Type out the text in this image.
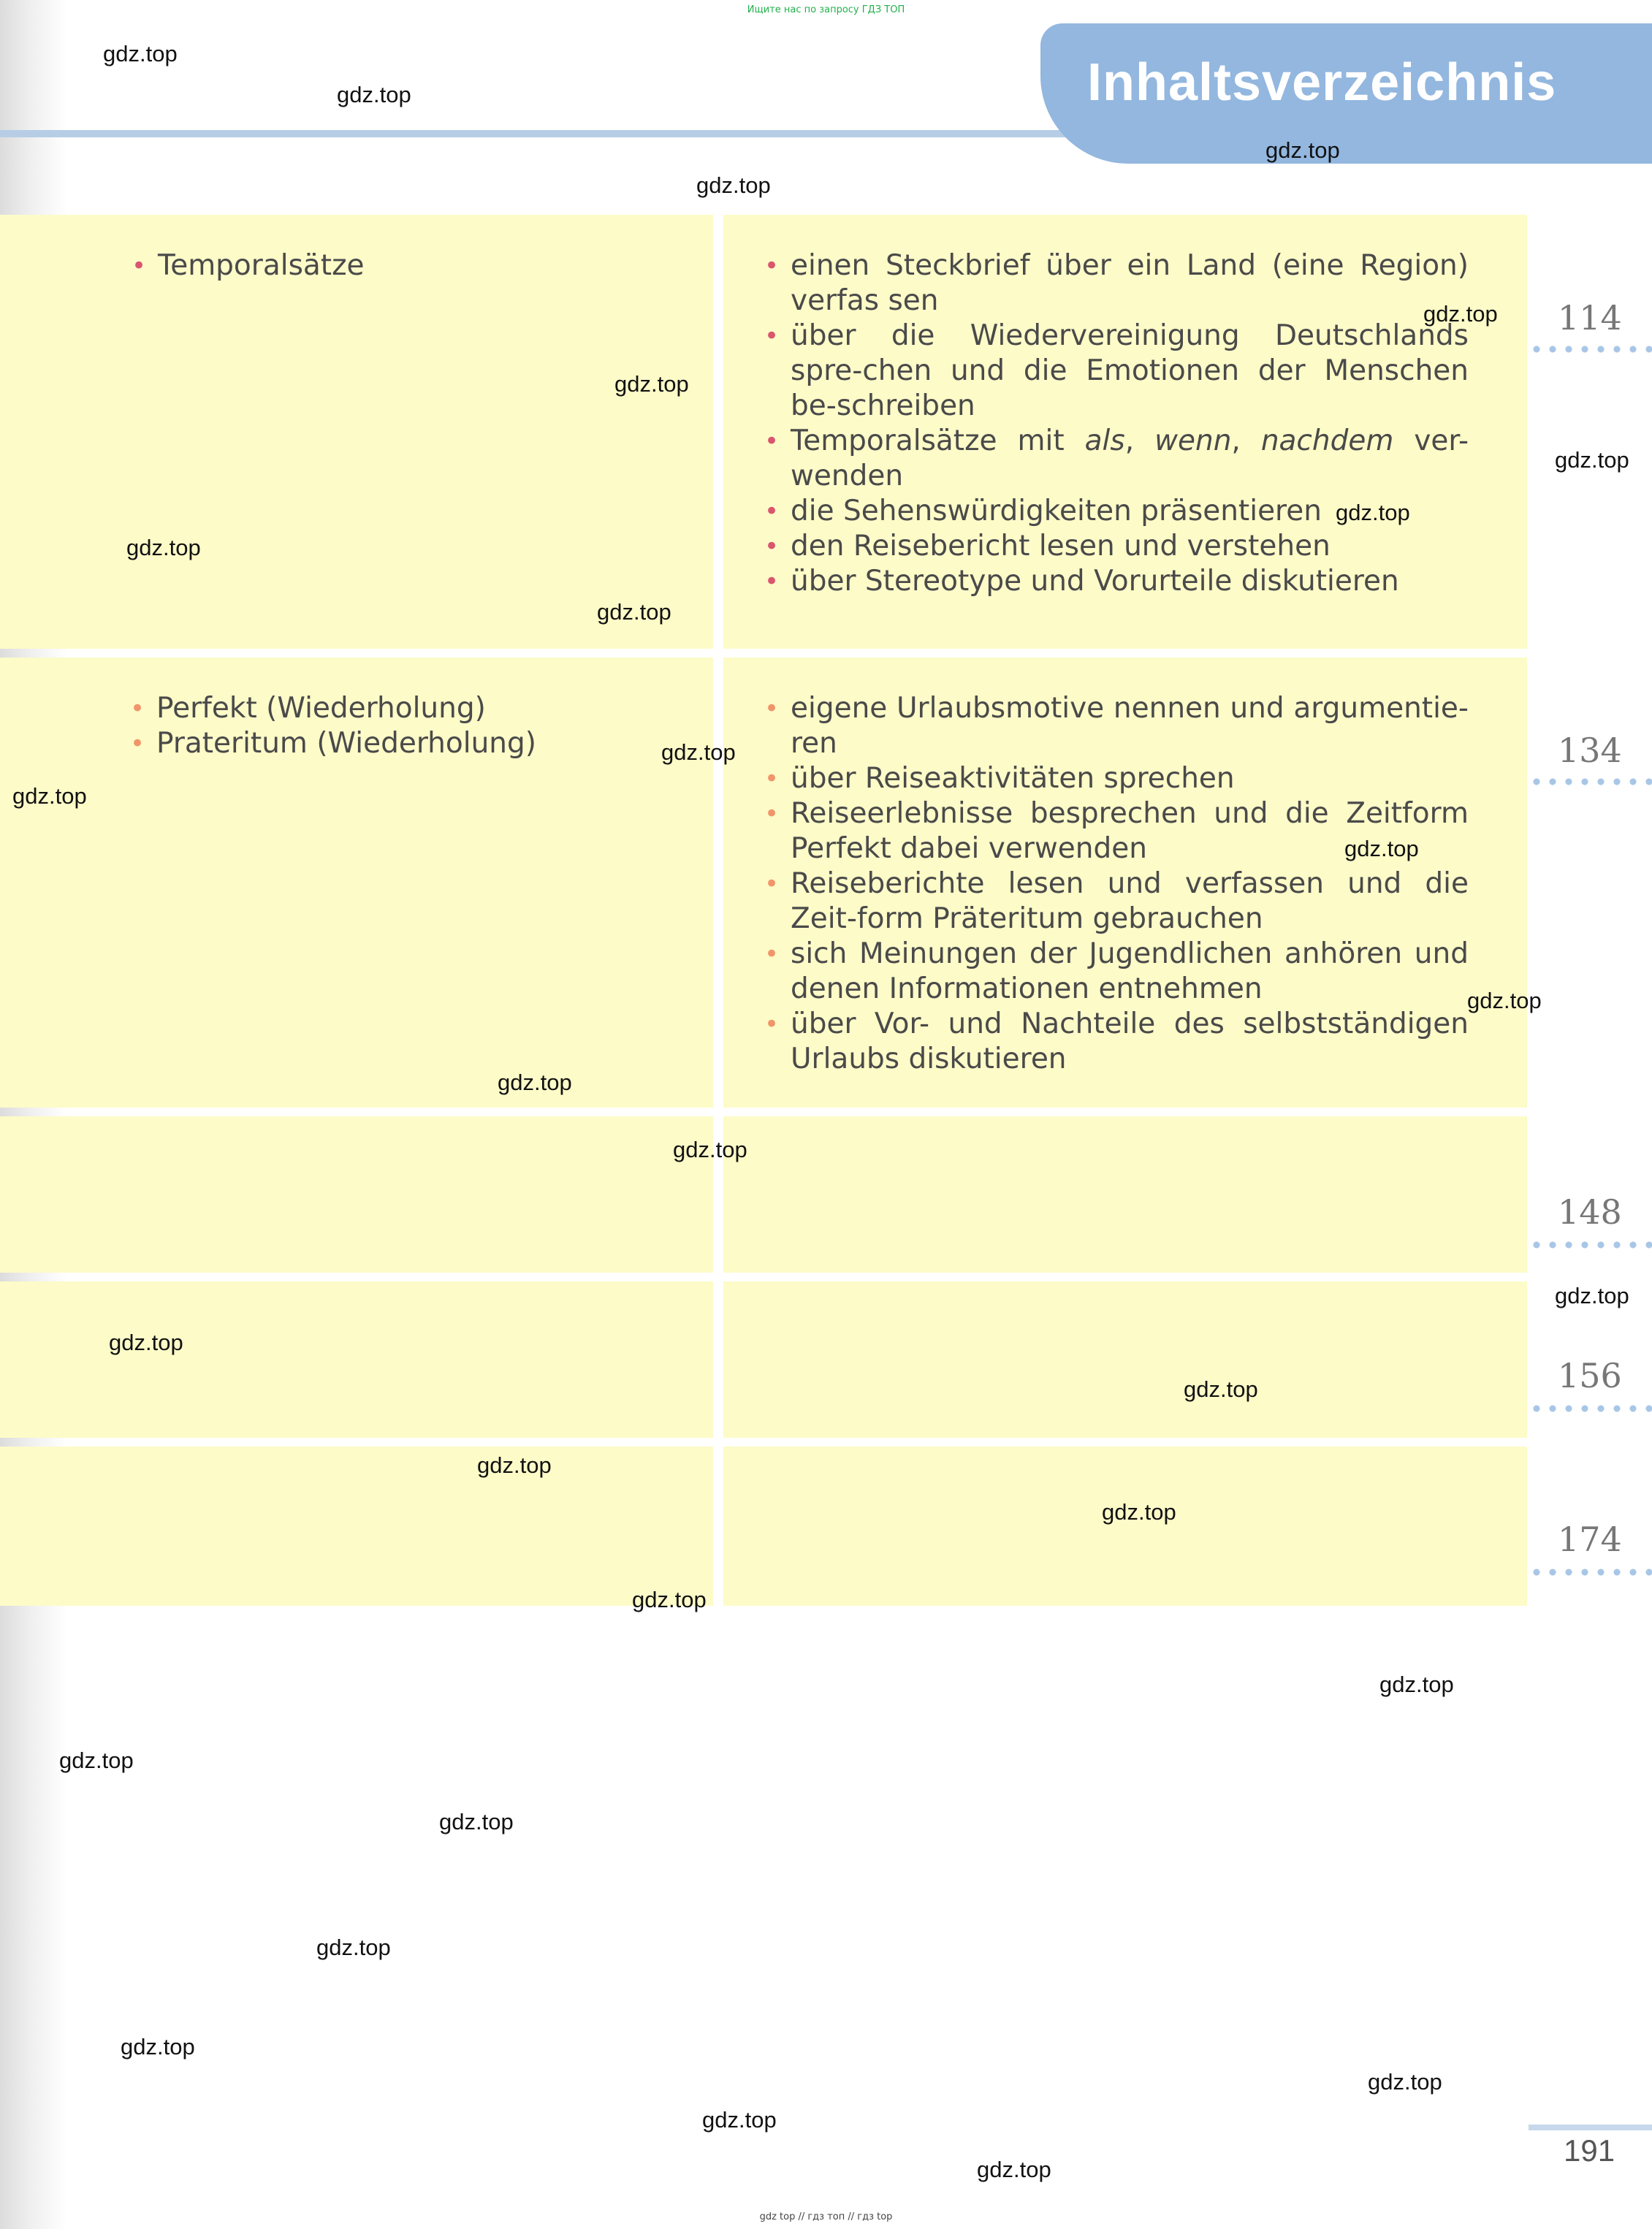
Ищите нас по запросу ГДЗ ТОП
Inhaltsverzeichnis
• Temporalsätze	• einen Steckbrief über ein Land (eine Region) verfas sen
• über die Wiedervereinigung Deutschlands spre-chen und die Emotionen der Menschen be-schreiben
• Temporalsätze mit als, wenn, nachdem ver-wenden
• die Sehenswürdigkeiten präsentieren
• den Reisebericht lesen und verstehen
• über Stereotype und Vorurteile diskutieren
114
• Perfekt (Wiederholung)
• Prateritum (Wiederholung)
• eigene Urlaubsmotive nennen und argumentie-ren
• über Reiseaktivitäten sprechen
• Reiseerlebnisse besprechen und die Zeitform Perfekt dabei verwenden
• Reiseberichte lesen und verfassen und die Zeit-form Präteritum gebrauchen
• sich Meinungen der Jugendlichen anhören und denen Informationen entnehmen
• über Vor- und Nachteile des selbstständigen Urlaubs diskutieren
134
148
156
174
gdz.top
gdz.top
gdz.top
gdz.top
gdz.top
gdz.top
gdz.top
gdz.top
gdz.top
gdz.top
gdz.top
gdz.top
gdz.top
gdz.top
gdz.top
gdz.top
gdz.top
gdz.top
gdz.top
gdz.top
gdz.top
gdz.top
gdz.top
gdz.top
gdz.top
gdz.top
gdz.top
gdz.top
gdz.top
gdz.top
191
gdz top // гдз топ // гдз top
